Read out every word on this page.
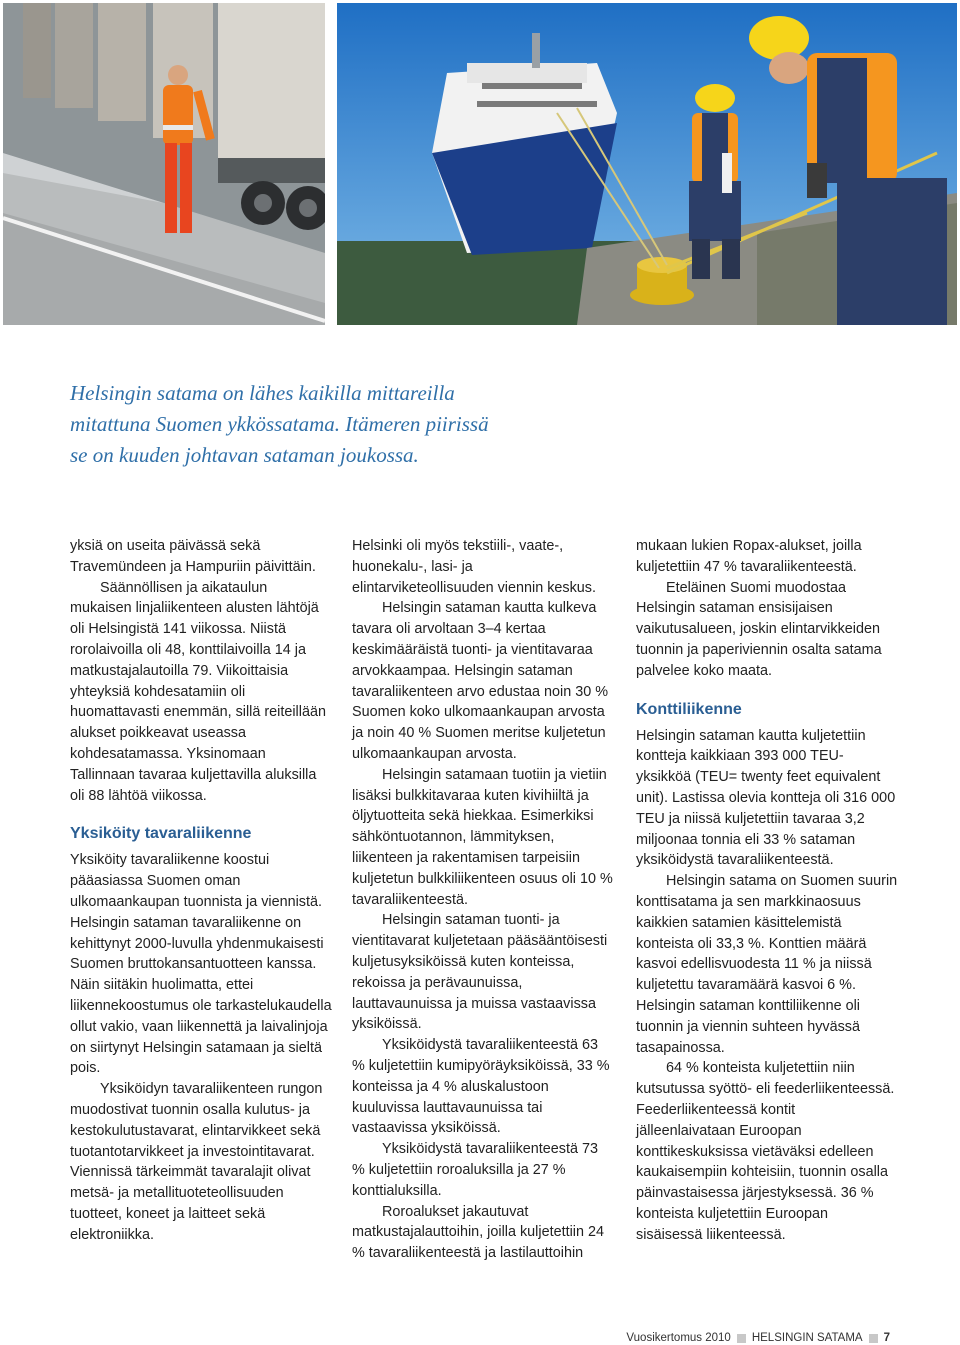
Helsingin satama on lähes kaikilla mittareilla
mitattuna Suomen ykkössatama. Itämeren piirissä
se on kuuden johtavan sataman joukossa.

yksiä on useita päivässä sekä Travemündeen ja Hampuriin päivittäin.

Säännöllisen ja aikataulun mukaisen linjaliikenteen alusten lähtöjä oli Helsingistä 141 viikossa. Niistä rorolaivoilla oli 48, konttilaivoilla 14 ja matkustajalautoilla 79. Viikoittaisia yhteyksiä kohdesatamiin oli huomattavasti enemmän, sillä reiteillään alukset poikkeavat useassa kohdesatamassa. Yksinomaan Tallinnaan tavaraa kuljettavilla aluksilla oli 88 lähtöä viikossa.

Yksiköity tavaraliikenne

Yksiköity tavaraliikenne koostui pääasiassa Suomen oman ulkomaankaupan tuonnista ja viennistä. Helsingin sataman tavaraliikenne on kehittynyt 2000-luvulla yhdenmukaisesti Suomen bruttokansantuotteen kanssa. Näin siitäkin huolimatta, ettei liikennekoostumus ole tarkastelukaudella ollut vakio, vaan liikennettä ja laivalinjoja on siirtynyt Helsingin satamaan ja sieltä pois.

Yksiköidyn tavaraliikenteen rungon muodostivat tuonnin osalla kulutus- ja kestokulutustavarat, elintarvikkeet sekä tuotantotarvikkeet ja investointitavarat. Viennissä tärkeimmät tavaralajit olivat metsä- ja metallituoteteollisuuden tuotteet, koneet ja laitteet sekä elektroniikka.

Helsinki oli myös tekstiili-, vaate-, huonekalu-, lasi- ja elintarviketeollisuuden viennin keskus.

Helsingin sataman kautta kulkeva tavara oli arvoltaan 3–4 kertaa keskimääräistä tuonti- ja vientitavaraa arvokkaampaa. Helsingin sataman tavaraliikenteen arvo edustaa noin 30 % Suomen koko ulkomaankaupan arvosta ja noin 40 % Suomen meritse kuljetetun ulkomaankaupan arvosta.

Helsingin satamaan tuotiin ja vietiin lisäksi bulkkitavaraa kuten kivihiiltä ja öljytuotteita sekä hiekkaa. Esimerkiksi sähköntuotannon, lämmityksen, liikenteen ja rakentamisen tarpeisiin kuljetetun bulkkiliikenteen osuus oli 10 % tavaraliikenteestä.

Helsingin sataman tuonti- ja vientitavarat kuljetetaan pääsääntöisesti kuljetusyksiköissä kuten konteissa, rekoissa ja perävaunuissa, lauttavaunuissa ja muissa vastaavissa yksiköissä.

Yksiköidystä tavaraliikenteestä 63 % kuljetettiin kumipyöräyksiköissä, 33 % konteissa ja 4 % aluskalustoon kuuluvissa lauttavaunuissa tai vastaavissa yksiköissä.

Yksiköidystä tavaraliikenteestä 73 % kuljetettiin roroaluksilla ja 27 % konttialuksilla.

Roroalukset jakautuvat matkustajalauttoihin, joilla kuljetettiin 24 % tavaraliikenteestä ja lastilauttoihin

mukaan lukien Ropax-alukset, joilla kuljetettiin 47 % tavaraliikenteestä.

Eteläinen Suomi muodostaa Helsingin sataman ensisijaisen vaikutusalueen, joskin elintarvikkeiden tuonnin ja paperiviennin osalta satama palvelee koko maata.

Konttiliikenne

Helsingin sataman kautta kuljetettiin kontteja kaikkiaan 393 000 TEU-yksikköä (TEU= twenty feet equivalent unit). Lastissa olevia kontteja oli 316 000 TEU ja niissä kuljetettiin tavaraa 3,2 miljoonaa tonnia eli 33 % sataman yksiköidystä tavaraliikenteestä.

Helsingin satama on Suomen suurin konttisatama ja sen markkinaosuus kaikkien satamien käsittelemistä konteista oli 33,3 %. Konttien määrä kasvoi edellisvuodesta 11 % ja niissä kuljetettu tavaramäärä kasvoi 6 %. Helsingin sataman konttiliikenne oli tuonnin ja viennin suhteen hyvässä tasapainossa.

64 % konteista kuljetettiin niin kutsutussa syöttö- eli feederliikenteessä. Feederliikenteessä kontit jälleenlaivataan Euroopan konttikeskuksissa vietäväksi edelleen kaukaisempiin kohteisiin, tuonnin osalla päinvastaisessa järjestyksessä. 36 % konteista kuljetettiin Euroopan sisäisessä liikenteessä.

Vuosikertomus 2010 HELSINGIN SATAMA 7
